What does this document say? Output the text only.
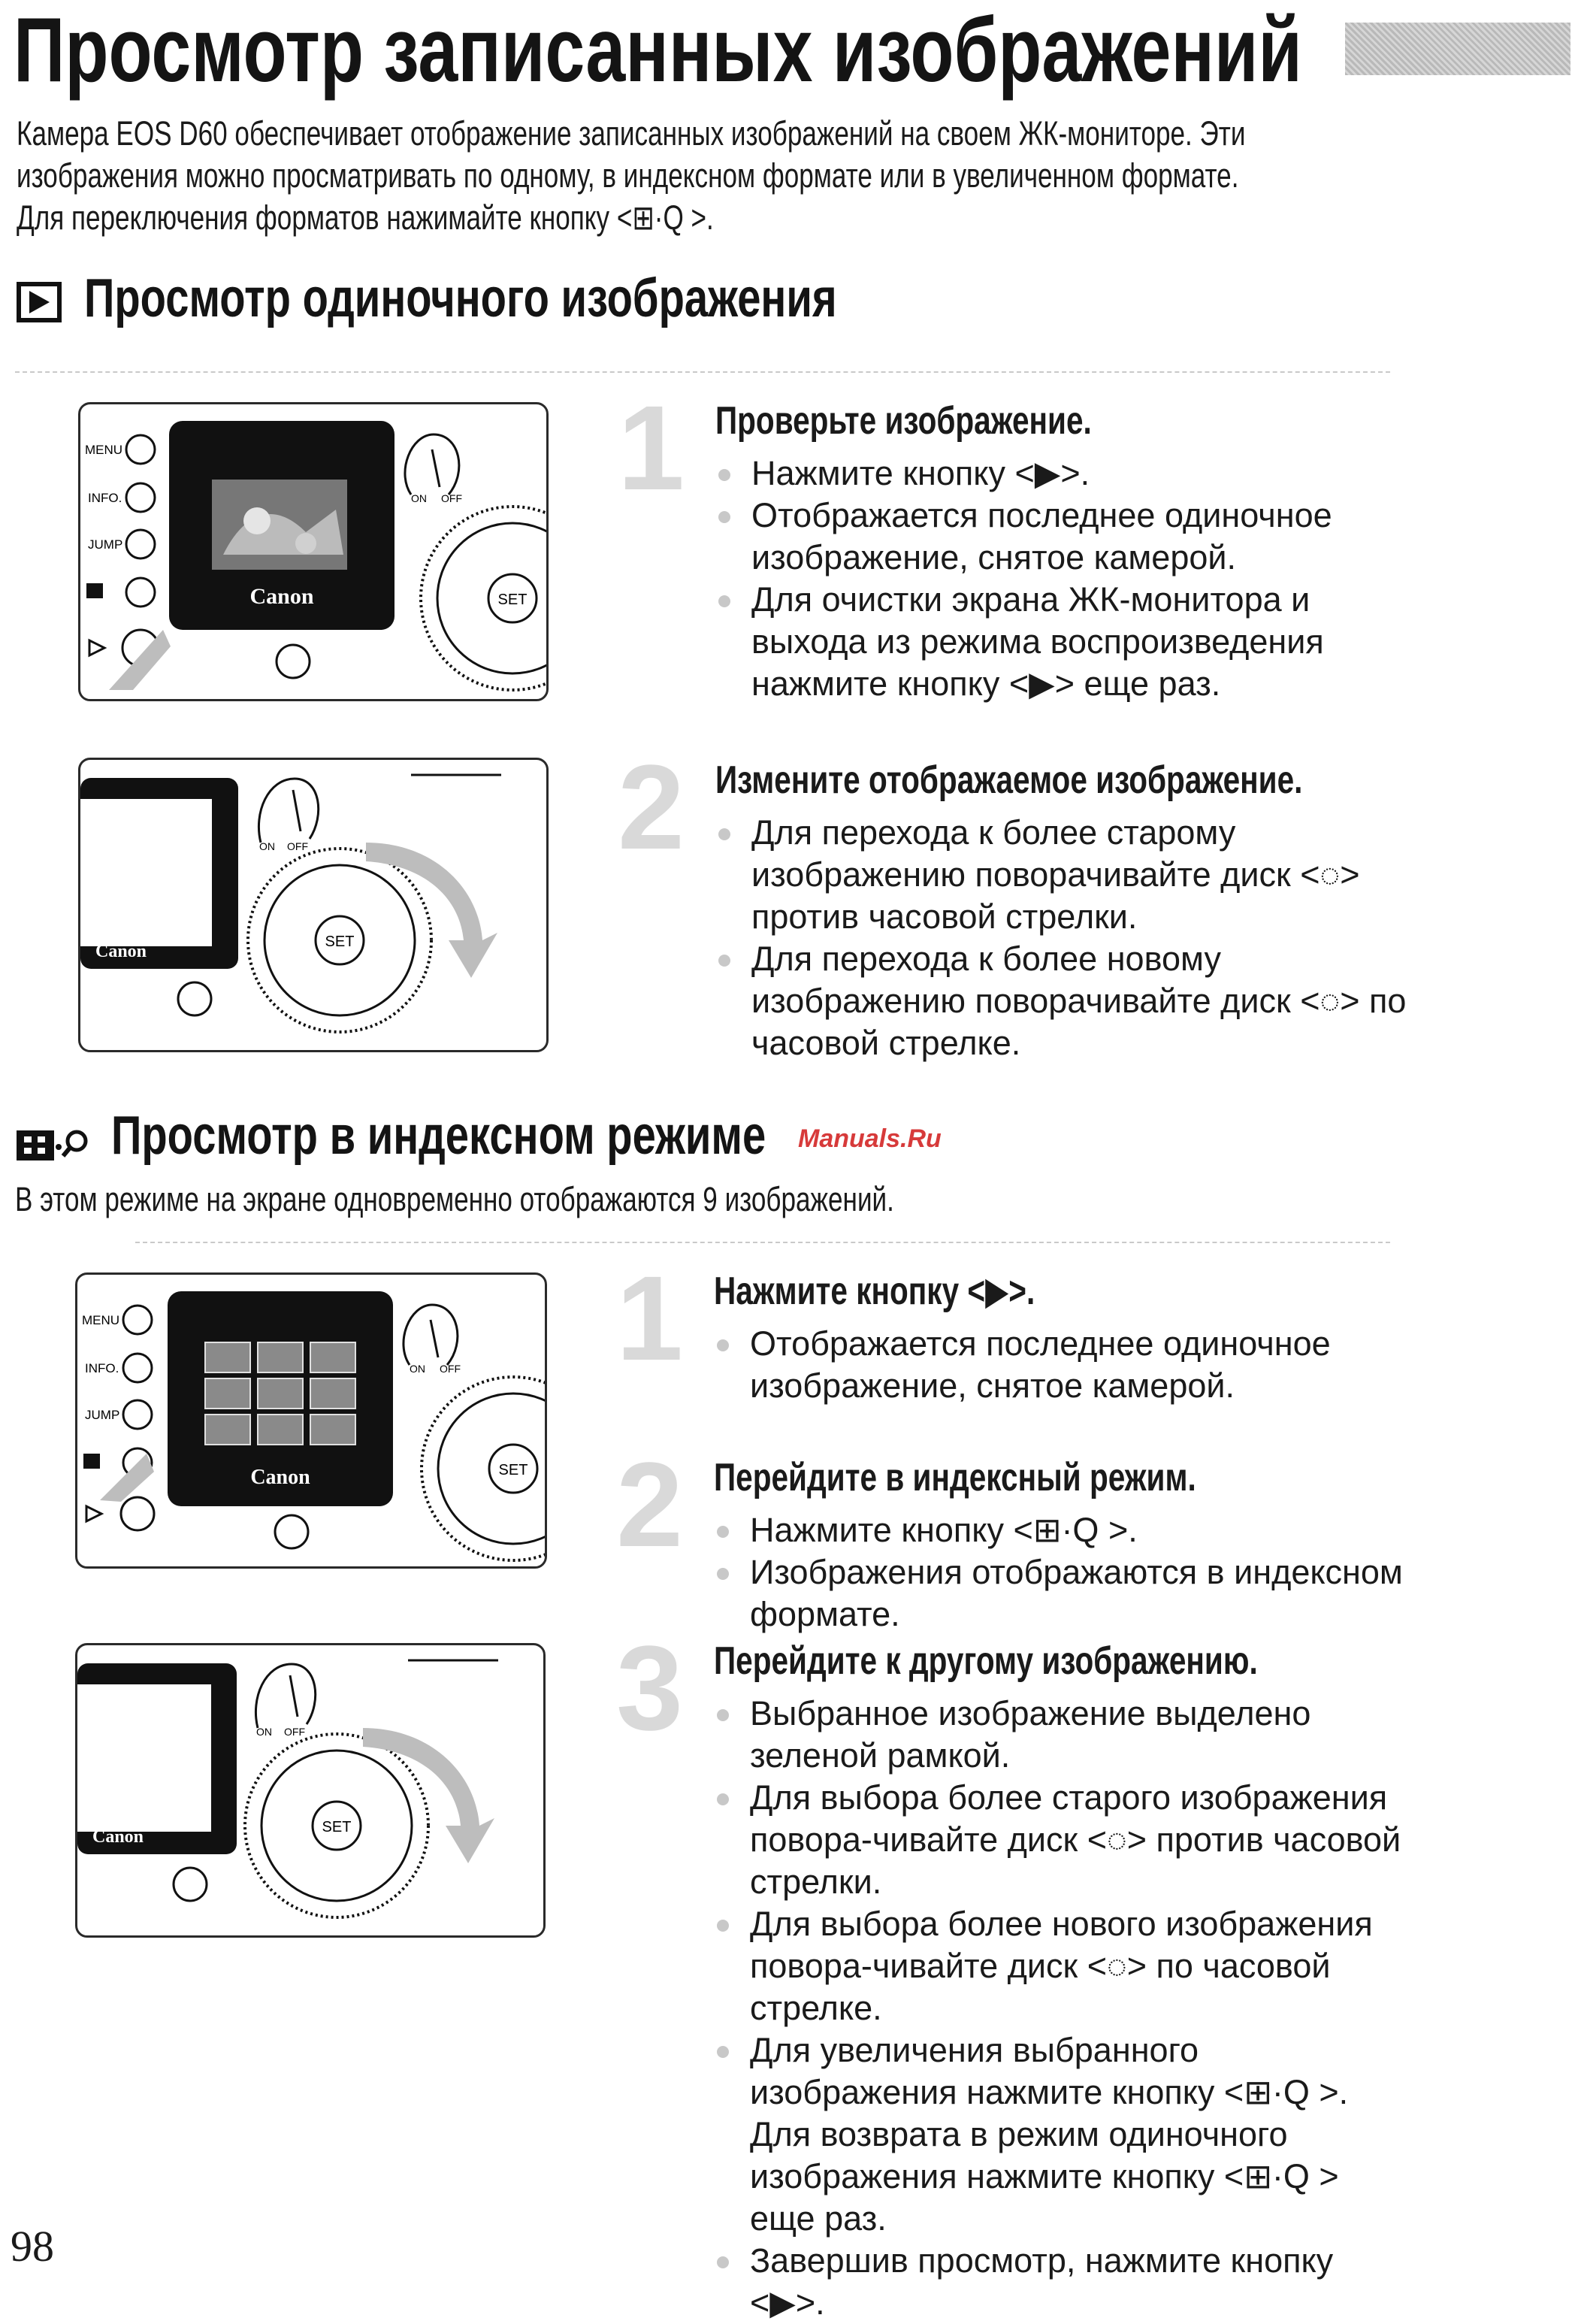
Просмотр записанных изображений

Камера EOS D60 обеспечивает отображение записанных изображений на своем ЖК-мониторе. Эти

изображения можно просматривать по одному, в индексном формате или в увеличенном формате.

Для переключения форматов нажимайте кнопку <⊞·Q >.

Просмотр одиночного изображения
MENU
INFO.
JUMP
Canon
ON OFF
SET
1 Проверьте изображение.
Нажмите кнопку <▶>.
Отображается последнее одиночное изображение, снятое камерой.
Для очистки экрана ЖК-монитора и выхода из режима воспроизведения нажмите кнопку <▶> еще раз.
Canon
ON OFF
SET
2 Измените отображаемое изображение.
Для перехода к более старому изображению поворачивайте диск <◌> против часовой стрелки.
Для перехода к более новому изображению поворачивайте диск <◌> по часовой стрелке.
Просмотр в индексном режиме	Manuals.Ru
В этом режиме на экране одновременно отображаются 9 изображений.
MENU
INFO.
JUMP
Canon
ON OFF
SET
1 Нажмите кнопку <▶>.
Отображается последнее одиночное изображение, снятое камерой.
2 Перейдите в индексный режим.
Нажмите кнопку <⊞·Q >.
Изображения отображаются в индексном формате.
Canon
ON OFF
SET
3 Перейдите к другому изображению.
Выбранное изображение выделено зеленой рамкой.
Для выбора более старого изображения повора-чивайте диск <◌> против часовой стрелки.
Для выбора более нового изображения повора-чивайте диск <◌> по часовой стрелке.
Для увеличения выбранного изображения нажмите кнопку <⊞·Q >. Для возврата в режим одиночного изображения нажмите кнопку <⊞·Q > еще раз.
Завершив просмотр, нажмите кнопку <▶>.
98
